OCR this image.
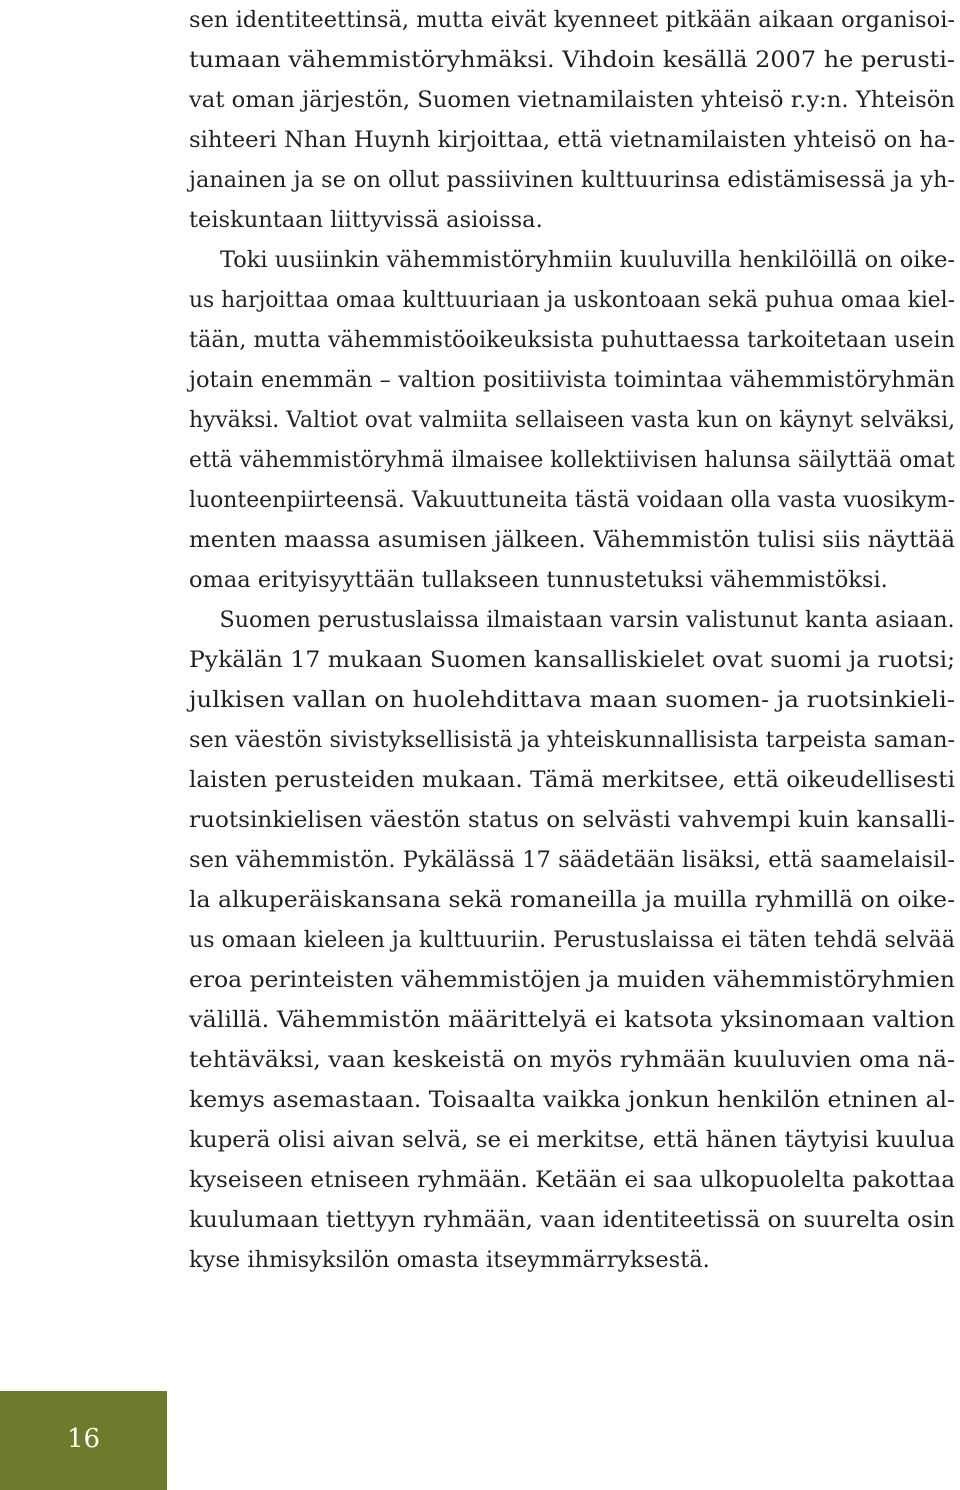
sen identiteettinsä, mutta eivät kyenneet pitkään aikaan organisoi-
tumaan vähemmistöryhmäksi. Vihdoin kesällä 2007 he perusti-
vat oman järjestön, Suomen vietnamilaisten yhteisö r.y:n. Yhteisön
sihteeri Nhan Huynh kirjoittaa, että vietnamilaisten yhteisö on ha-
janainen ja se on ollut passiivinen kulttuurinsa edistämisessä ja yh-
teiskuntaan liittyvissä asioissa.
Toki uusiinkin vähemmistöryhmiin kuuluvilla henkilöillä on oike-
us harjoittaa omaa kulttuuriaan ja uskontoaan sekä puhua omaa kiel-
tään, mutta vähemmistöoikeuksista puhuttaessa tarkoitetaan usein
jotain enemmän – valtion positiivista toimintaa vähemmistöryhmän
hyväksi. Valtiot ovat valmiita sellaiseen vasta kun on käynyt selväksi,
että vähemmistöryhmä ilmaisee kollektiivisen halunsa säilyttää omat
luonteenpiirteensä. Vakuuttuneita tästä voidaan olla vasta vuosikym-
menten maassa asumisen jälkeen. Vähemmistön tulisi siis näyttää
omaa erityisyyttään tullakseen tunnustetuksi vähemmistöksi.
Suomen perustuslaissa ilmaistaan varsin valistunut kanta asiaan.
Pykälän 17 mukaan Suomen kansalliskielet ovat suomi ja ruotsi;
julkisen vallan on huolehdittava maan suomen- ja ruotsinkieli-
sen väestön sivistyksellisistä ja yhteiskunnallisista tarpeista saman-
laisten perusteiden mukaan. Tämä merkitsee, että oikeudellisesti
ruotsinkielisen väestön status on selvästi vahvempi kuin kansalli-
sen vähemmistön. Pykälässä 17 säädetään lisäksi, että saamelaisil-
la alkuperäiskansana sekä romaneilla ja muilla ryhmillä on oike-
us omaan kieleen ja kulttuuriin. Perustuslaissa ei täten tehdä selvää
eroa perinteisten vähemmistöjen ja muiden vähemmistöryhmien
välillä. Vähemmistön määrittelyä ei katsota yksinomaan valtion
tehtäväksi, vaan keskeistä on myös ryhmään kuuluvien oma nä-
kemys asemastaan. Toisaalta vaikka jonkun henkilön etninen al-
kuperä olisi aivan selvä, se ei merkitse, että hänen täytyisi kuulua
kyseiseen etniseen ryhmään. Ketään ei saa ulkopuolelta pakottaa
kuulumaan tiettyyn ryhmään, vaan identiteetissä on suurelta osin
kyse ihmisyksilön omasta itseymmärryksestä.
16
